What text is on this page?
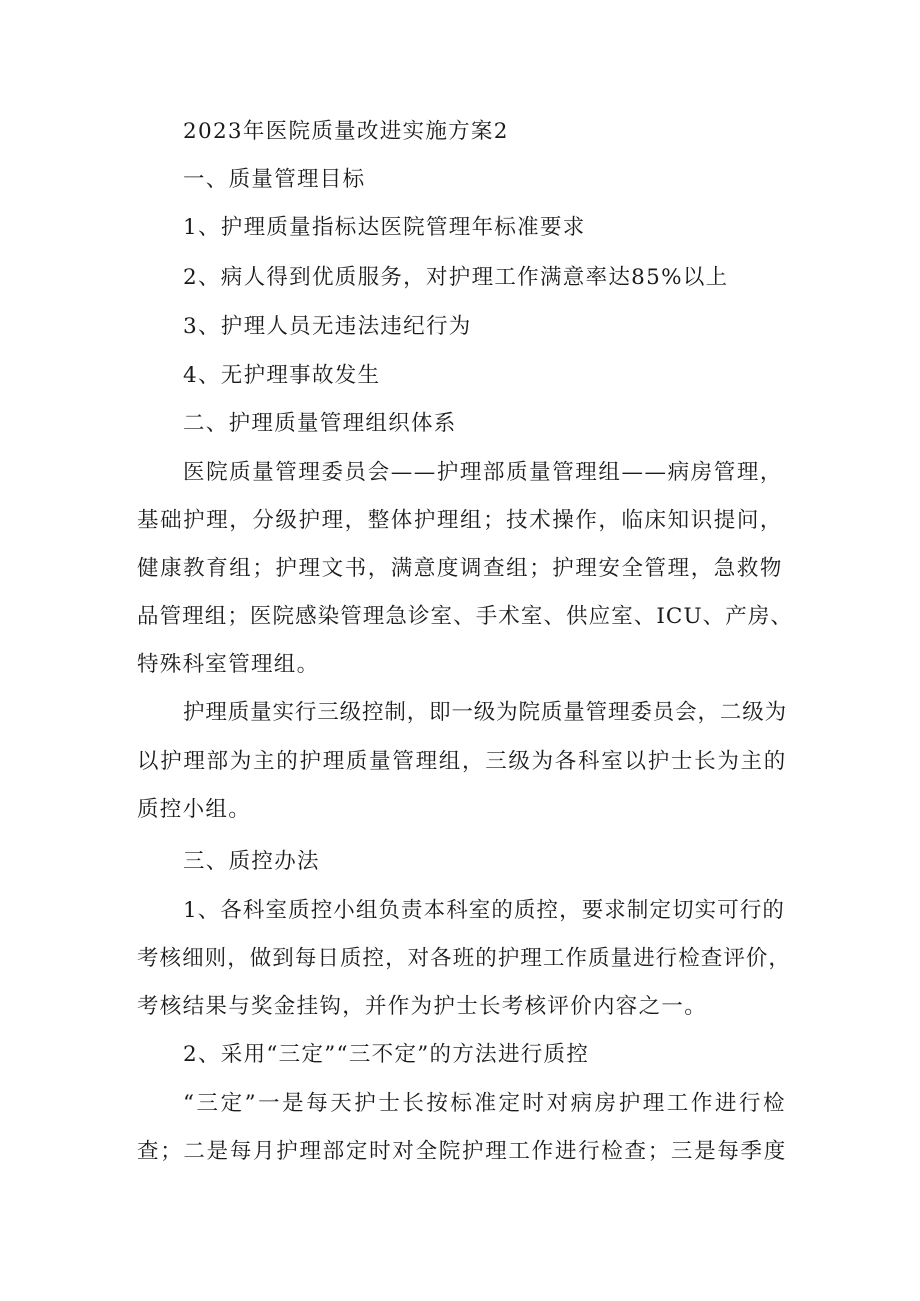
2023年医院质量改进实施方案2
一、质量管理目标
1、护理质量指标达医院管理年标准要求
2、病人得到优质服务，对护理工作满意率达85%以上
3、护理人员无违法违纪行为
4、无护理事故发生
二、护理质量管理组织体系
医院质量管理委员会——护理部质量管理组——病房管理，
基础护理，分级护理，整体护理组；技术操作，临床知识提问，
健康教育组；护理文书，满意度调查组；护理安全管理，急救物
品管理组；医院感染管理急诊室、手术室、供应室、ICU、产房、
特殊科室管理组。
护理质量实行三级控制，即一级为院质量管理委员会，二级为
以护理部为主的护理质量管理组，三级为各科室以护士长为主的
质控小组。
三、质控办法
1、各科室质控小组负责本科室的质控，要求制定切实可行的
考核细则，做到每日质控，对各班的护理工作质量进行检查评价，
考核结果与奖金挂钩，并作为护士长考核评价内容之一。
2、采用“三定”“三不定”的方法进行质控
“三定”一是每天护士长按标准定时对病房护理工作进行检
查；二是每月护理部定时对全院护理工作进行检查；三是每季度
